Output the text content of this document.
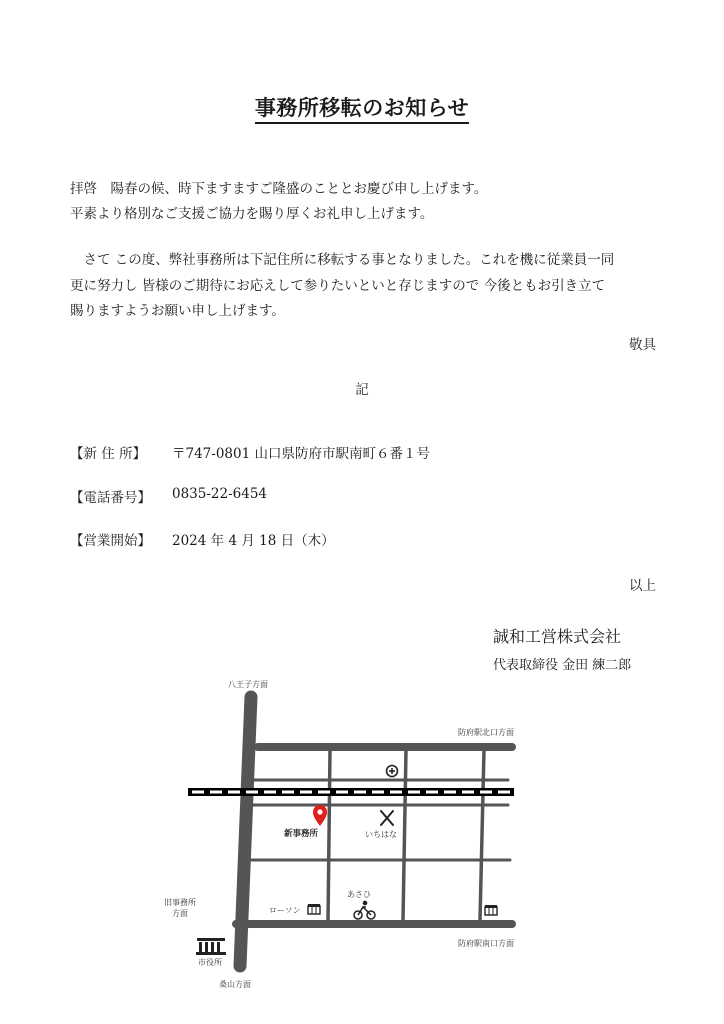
事務所移転のお知らせ
拝啓　陽春の候、時下ますますご隆盛のこととお慶び申し上げます。
平素より格別なご支援ご協力を賜り厚くお礼申し上げます。
　さて この度、弊社事務所は下記住所に移転する事となりました。これを機に従業員一同
更に努力し 皆様のご期待にお応えして参りたいといと存じますので 今後ともお引き立て
賜りますようお願い申し上げます。
敬具
記
【新 住 所】 〒747-0801 山口県防府市駅南町６番１号
【電話番号】 0835-22-6454
【営業開始】 2024 年 4 月 18 日（木）
以上
誠和工営株式会社
代表取締役 金田 練二郎
八王子方面
防府駅北口方面
新事務所	いちはな
あさひ
ローソン
旧事務所
方面
防府駅南口方面
市役所
桑山方面
